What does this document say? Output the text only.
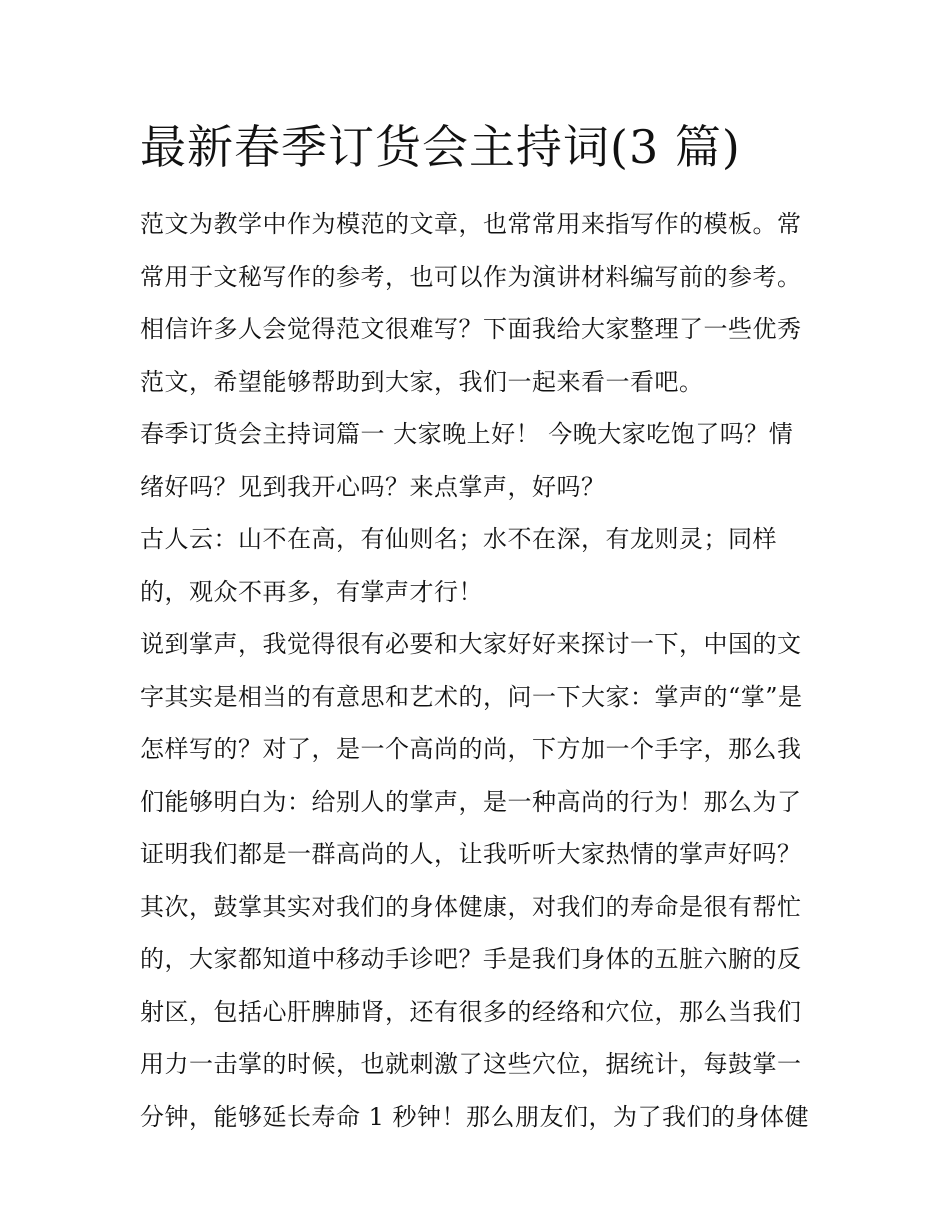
最新春季订货会主持词(3 篇)
范文为教学中作为模范的文章，也常常用来指写作的模板。常
常用于文秘写作的参考，也可以作为演讲材料编写前的参考。
相信许多人会觉得范文很难写？下面我给大家整理了一些优秀
范文，希望能够帮助到大家，我们一起来看一看吧。
春季订货会主持词篇一 大家晚上好！ 今晚大家吃饱了吗？情
绪好吗？见到我开心吗？来点掌声，好吗？
古人云：山不在高，有仙则名；水不在深，有龙则灵；同样
的，观众不再多，有掌声才行！
说到掌声，我觉得很有必要和大家好好来探讨一下，中国的文
字其实是相当的有意思和艺术的，问一下大家：掌声的“掌”是
怎样写的？对了，是一个高尚的尚，下方加一个手字，那么我
们能够明白为：给别人的掌声，是一种高尚的行为！那么为了
证明我们都是一群高尚的人，让我听听大家热情的掌声好吗？
其次，鼓掌其实对我们的身体健康，对我们的寿命是很有帮忙
的，大家都知道中移动手诊吧？手是我们身体的五脏六腑的反
射区，包括心肝脾肺肾，还有很多的经络和穴位，那么当我们
用力一击掌的时候，也就刺激了这些穴位，据统计，每鼓掌一
分钟，能够延长寿命 1 秒钟！那么朋友们，为了我们的身体健
